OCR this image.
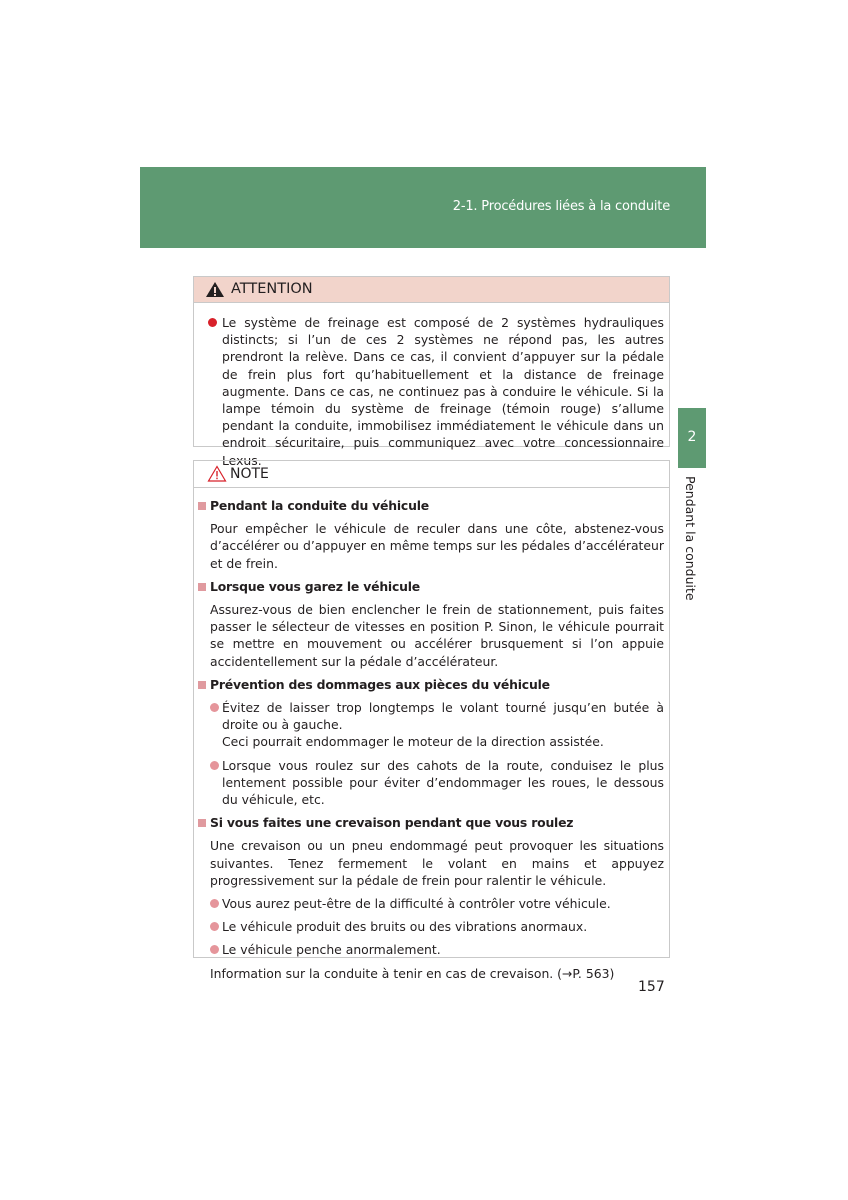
2-1. Procédures liées à la conduite
2
Pendant la conduite
ATTENTION

Le système de freinage est composé de 2 systèmes hydrauliques distincts; si l’un de ces 2 systèmes ne répond pas, les autres prendront la relève. Dans ce cas, il convient d’appuyer sur la pédale de frein plus fort qu’habituellement et la distance de freinage augmente. Dans ce cas, ne continuez pas à conduire le véhicule. Si la lampe témoin du système de freinage (témoin rouge) s’allume pendant la conduite, immobilisez immédiatement le véhicule dans un endroit sécuritaire, puis communiquez avec votre concessionnaire Lexus.

NOTE
Pendant la conduite du véhicule

Pour empêcher le véhicule de reculer dans une côte, abstenez-vous d’accélérer ou d’appuyer en même temps sur les pédales d’accélérateur et de frein.

Lorsque vous garez le véhicule

Assurez-vous de bien enclencher le frein de stationnement, puis faites passer le sélecteur de vitesses en position P. Sinon, le véhicule pourrait se mettre en mouvement ou accélérer brusquement si l’on appuie accidentellement sur la pédale d’accélérateur.

Prévention des dommages aux pièces du véhicule
Évitez de laisser trop longtemps le volant tourné jusqu’en butée à droite ou à gauche.
Ceci pourrait endommager le moteur de la direction assistée.
Lorsque vous roulez sur des cahots de la route, conduisez le plus lentement possible pour éviter d’endommager les roues, le dessous du véhicule, etc.
Si vous faites une crevaison pendant que vous roulez

Une crevaison ou un pneu endommagé peut provoquer les situations suivantes. Tenez fermement le volant en mains et appuyez progressivement sur la pédale de frein pour ralentir le véhicule.

Vous aurez peut-être de la difficulté à contrôler votre véhicule.
Le véhicule produit des bruits ou des vibrations anormaux.
Le véhicule penche anormalement.

Information sur la conduite à tenir en cas de crevaison. (→P. 563)

157
